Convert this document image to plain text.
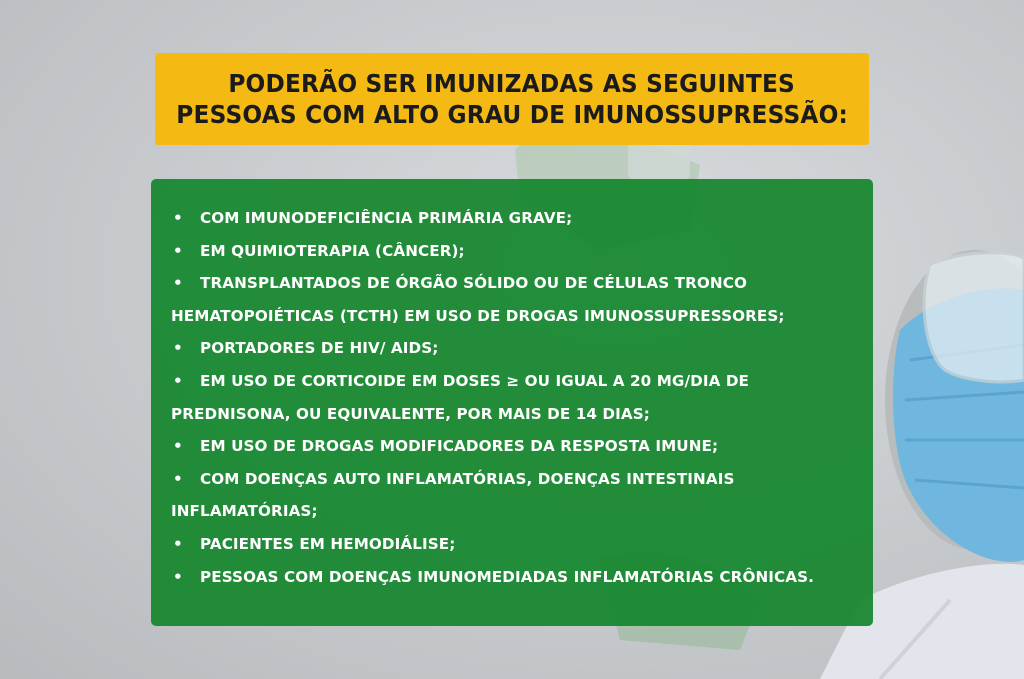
PODERÃO SER IMUNIZADAS AS SEGUINTES
PESSOAS COM ALTO GRAU DE IMUNOSSUPRESSÃO:
• COM IMUNODEFICIÊNCIA PRIMÁRIA GRAVE;
• EM QUIMIOTERAPIA (CÂNCER);
• TRANSPLANTADOS DE ÓRGÃO SÓLIDO OU DE CÉLULAS TRONCO
HEMATOPOIÉTICAS (TCTH) EM USO DE DROGAS IMUNOSSUPRESSORES;
• PORTADORES DE HIV/ AIDS;
• EM USO DE CORTICOIDE EM DOSES ≥ OU IGUAL A 20 MG/DIA DE
PREDNISONA, OU EQUIVALENTE, POR MAIS DE 14 DIAS;
• EM USO DE DROGAS MODIFICADORES DA RESPOSTA IMUNE;
• COM DOENÇAS AUTO INFLAMATÓRIAS, DOENÇAS INTESTINAIS
INFLAMATÓRIAS;
• PACIENTES EM HEMODIÁLISE;
• PESSOAS COM DOENÇAS IMUNOMEDIADAS INFLAMATÓRIAS CRÔNICAS.
